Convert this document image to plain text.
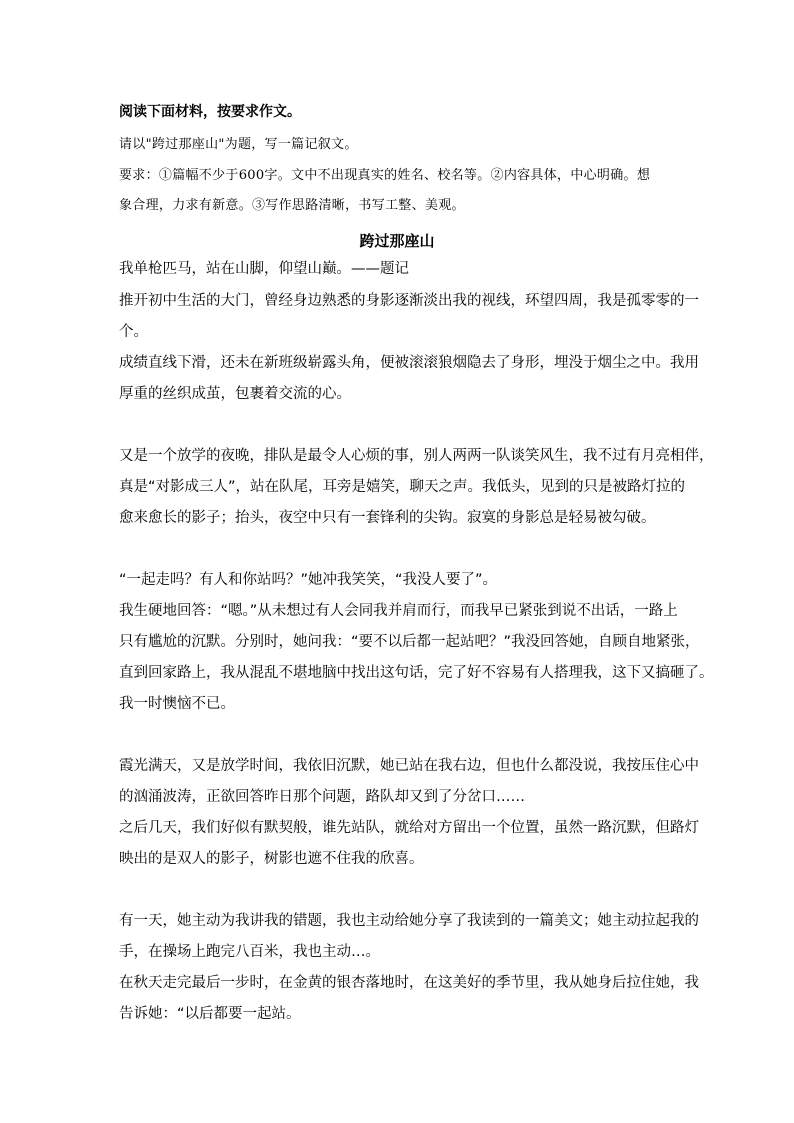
阅读下面材料，按要求作文。
请以"跨过那座山"为题，写一篇记叙文。
要求：①篇幅不少于600字。文中不出现真实的姓名、校名等。②内容具体，中心明确。想
象合理，力求有新意。③写作思路清晰，书写工整、美观。
跨过那座山
我单枪匹马，站在山脚，仰望山巅。——题记
推开初中生活的大门，曾经身边熟悉的身影逐渐淡出我的视线，环望四周，我是孤零零的一
个。
成绩直线下滑，还未在新班级崭露头角，便被滚滚狼烟隐去了身形，埋没于烟尘之中。我用
厚重的丝织成茧，包裹着交流的心。
又是一个放学的夜晚，排队是最令人心烦的事，别人两两一队谈笑风生，我不过有月亮相伴，
真是“对影成三人”，站在队尾，耳旁是嬉笑，聊天之声。我低头，见到的只是被路灯拉的
愈来愈长的影子；抬头，夜空中只有一套锋利的尖钩。寂寞的身影总是轻易被勾破。
“一起走吗？有人和你站吗？”她冲我笑笑，“我没人要了”。
我生硬地回答：“嗯。”从未想过有人会同我并肩而行，而我早已紧张到说不出话，一路上
只有尴尬的沉默。分别时，她问我：“要不以后都一起站吧？”我没回答她，自顾自地紧张，
直到回家路上，我从混乱不堪地脑中找出这句话，完了好不容易有人搭理我，这下又搞砸了。
我一时懊恼不已。
霞光满天，又是放学时间，我依旧沉默，她已站在我右边，但也什么都没说，我按压住心中
的汹涌波涛，正欲回答昨日那个问题，路队却又到了分岔口……
之后几天，我们好似有默契般，谁先站队，就给对方留出一个位置，虽然一路沉默，但路灯
映出的是双人的影子，树影也遮不住我的欣喜。
有一天，她主动为我讲我的错题，我也主动给她分享了我读到的一篇美文；她主动拉起我的
手，在操场上跑完八百米，我也主动…。
在秋天走完最后一步时，在金黄的银杏落地时，在这美好的季节里，我从她身后拉住她，我
告诉她：“以后都要一起站。
